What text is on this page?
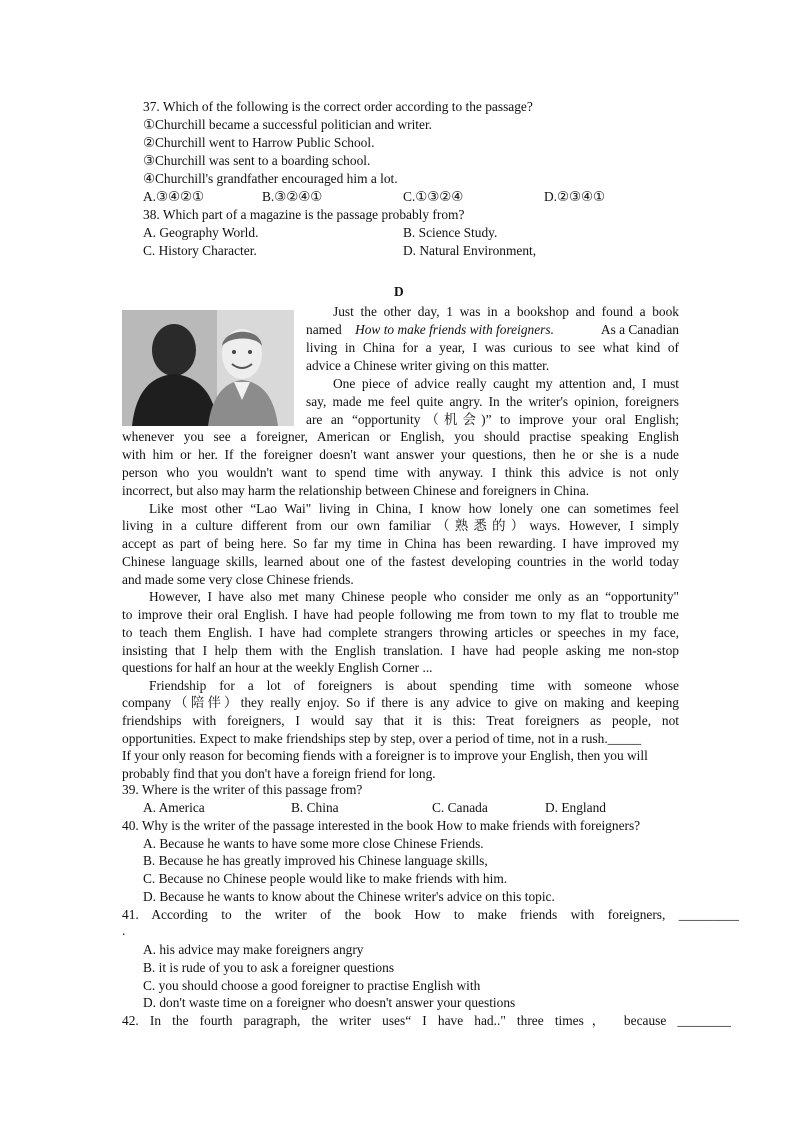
37. Which of the following is the correct order according to the passage?
①Churchill became a successful politician and writer.
②Churchill went to Harrow Public School.
③Churchill was sent to a boarding school.
④Churchill's grandfather encouraged him a lot.
A.③④②①	B.③②④①	C.①③②④	D.②③④①
38. Which part of a magazine is the passage probably from?
A. Geography World.	B. Science Study.
C. History Character.	D. Natural Environment,
D
Just the other day, 1 was in a bookshop and found a book
named How to make friends with foreigners.	As a Canadian
living in China for a year, I was curious to see what kind of
advice a Chinese writer giving on this matter.
One piece of advice really caught my attention and, I must
say, made me feel quite angry. In the writer's opinion, foreigners
are an “opportunity（机会)” to improve your oral English;
whenever you see a foreigner, American or English, you should practise speaking English
with him or her. If the foreigner doesn't want answer your questions, then he or she is a nude
person who you wouldn't want to spend time with anyway. I think this advice is not only
incorrect, but also may harm the relationship between Chinese and foreigners in China.
Like most other “Lao Wai" living in China, I know how lonely one can sometimes feel
living in a culture different from our own familiar（熟悉的）ways. However, I simply
accept as part of being here. So far my time in China has been rewarding. I have improved my
Chinese language skills, learned about one of the fastest developing countries in the world today
and made some very close Chinese friends.
However, I have also met many Chinese people who consider me only as an “opportunity"
to improve their oral English. I have had people following me from town to my flat to trouble me
to teach them English. I have had complete strangers throwing articles or speeches in my face,
insisting that I help them with the English translation. I have had people asking me non-stop
questions for half an hour at the weekly English Corner ...
Friendship for a lot of foreigners is about spending time with someone whose
company（陪伴）they really enjoy. So if there is any advice to give on making and keeping
friendships with foreigners, I would say that it is this: Treat foreigners as people, not
opportunities. Expect to make friendships step by step, over a period of time, not in a rush._____
If your only reason for becoming fiends with a foreigner is to improve your English, then you will
probably find that you don't have a foreign friend for long.
39. Where is the writer of this passage from?
A. America	B. China	C. Canada	D. England
40. Why is the writer of the passage interested in the book How to make friends with foreigners?
A. Because he wants to have some more close Chinese Friends.
B. Because he has greatly improved his Chinese language skills,
C. Because no Chinese people would like to make friends with him.
D. Because he wants to know about the Chinese writer's advice on this topic.
41. According to the writer of the book How to make friends with foreigners, _________
.
A. his advice may make foreigners angry
B. it is rude of you to ask a foreigner questions
C. you should choose a good foreigner to practise English with
D. don't waste time on a foreigner who doesn't answer your questions
42. In the fourth paragraph, the writer uses“ I have had.." three times， because ________
